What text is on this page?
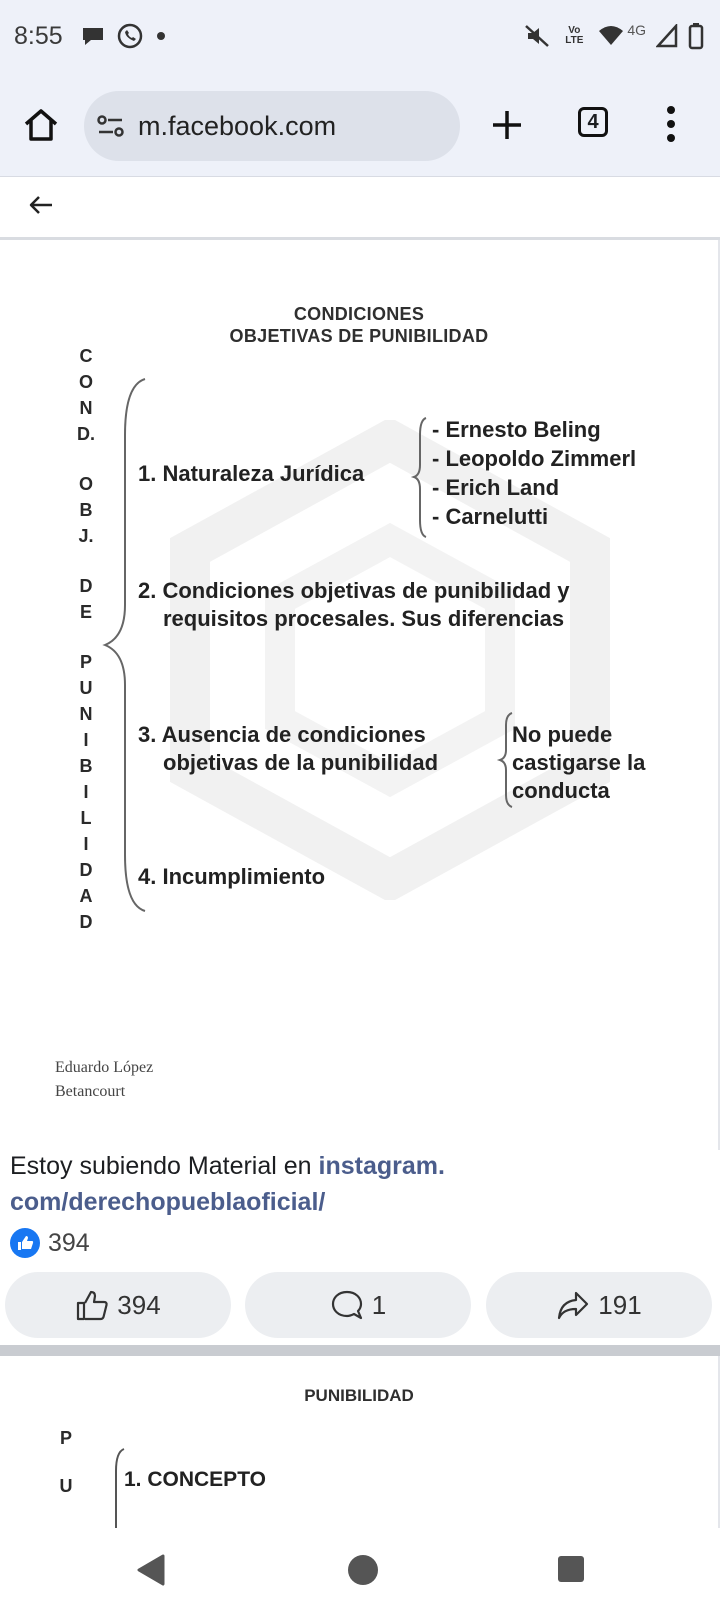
8:55	Vo LTE
4G
m.facebook.com	4
CONDICIONES
OBJETIVAS DE PUNIBILIDAD
C
O
N
D.
O
B
J.
D
E
P
U
N
I
B
I
L
I
D
A
D
1. Naturaleza Jurídica
- Ernesto Beling
- Leopoldo Zimmerl
- Erich Land
- Carnelutti
2. Condiciones objetivas de punibilidad y
requisitos procesales. Sus diferencias
3. Ausencia de condiciones
objetivas de la punibilidad
No puede
castigarse la
conducta
4. Incumplimiento
Eduardo López
Betancourt
Estoy subiendo Material en instagram.
com/derechopueblaoficial/
394
394	1	191
PUNIBILIDAD
P
U 1. CONCEPTO
